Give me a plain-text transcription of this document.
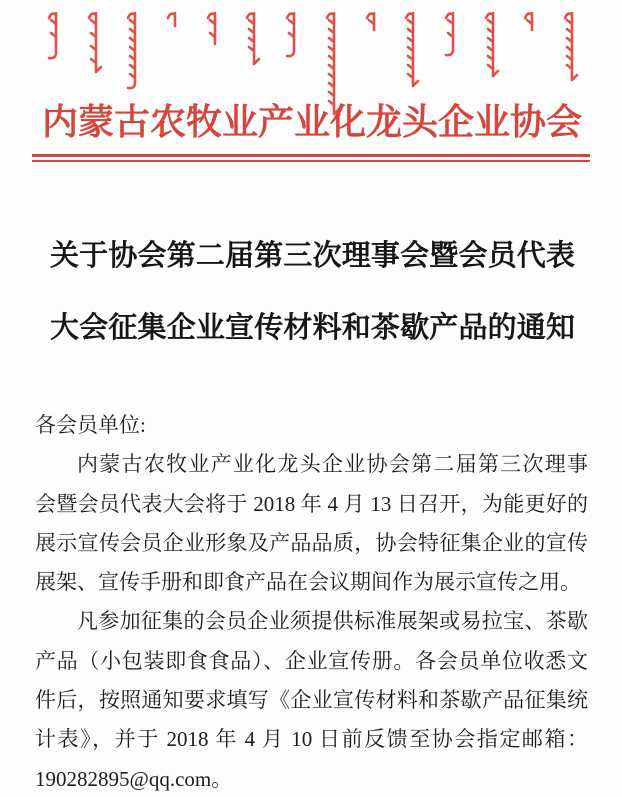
内蒙古农牧业产业化龙头企业协会
关于协会第二届第三次理事会暨会员代表
大会征集企业宣传材料和茶歇产品的通知

各会员单位:

内蒙古农牧业产业化龙头企业协会第二届第三次理事

会暨会员代表大会将于 2018 年 4 月 13 日召开，为能更好的

展示宣传会员企业形象及产品品质，协会特征集企业的宣传

展架、宣传手册和即食产品在会议期间作为展示宣传之用。

凡参加征集的会员企业须提供标准展架或易拉宝、茶歇

产品（小包装即食食品）、企业宣传册。各会员单位收悉文

件后，按照通知要求填写《企业宣传材料和茶歇产品征集统

计表》，并于 2018 年 4 月 10 日前反馈至协会指定邮箱：

190282895@qq.com。
